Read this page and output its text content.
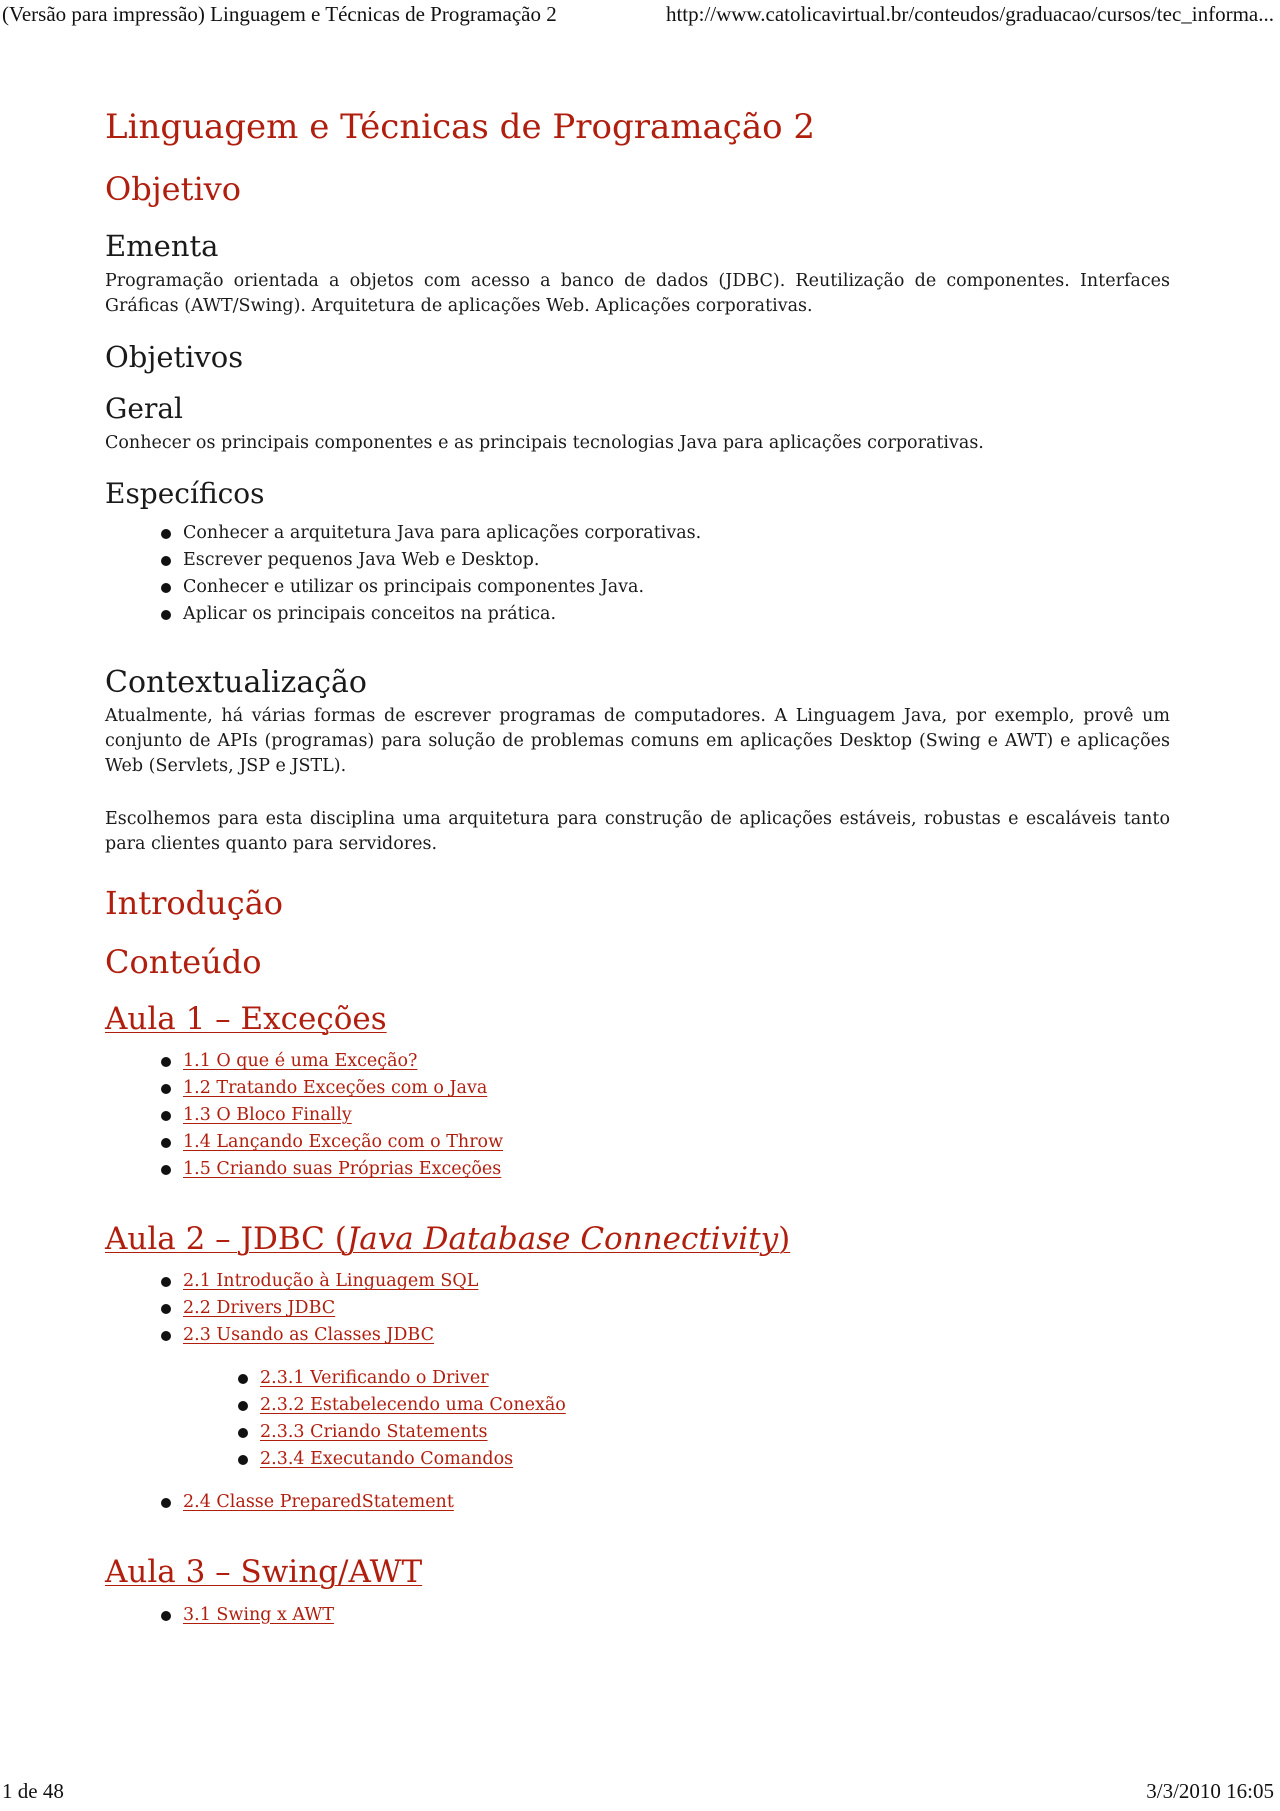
(Versão para impressão) Linguagem e Técnicas de Programação 2	http://www.catolicavirtual.br/conteudos/graduacao/cursos/tec_informa...
Linguagem e Técnicas de Programação 2
Objetivo
Ementa

Programação orientada a objetos com acesso a banco de dados (JDBC). Reutilização de componentes. Interfaces Gráficas (AWT/Swing). Arquitetura de aplicações Web. Aplicações corporativas.

Objetivos
Geral

Conhecer os principais componentes e as principais tecnologias Java para aplicações corporativas.

Específicos
Conhecer a arquitetura Java para aplicações corporativas.
Escrever pequenos Java Web e Desktop.
Conhecer e utilizar os principais componentes Java.
Aplicar os principais conceitos na prática.
Contextualização

Atualmente, há várias formas de escrever programas de computadores. A Linguagem Java, por exemplo, provê um conjunto de APIs (programas) para solução de problemas comuns em aplicações Desktop (Swing e AWT) e aplicações Web (Servlets, JSP e JSTL).

Escolhemos para esta disciplina uma arquitetura para construção de aplicações estáveis, robustas e escaláveis tanto para clientes quanto para servidores.

Introdução
Conteúdo
Aula 1 – Exceções
1.1 O que é uma Exceção?
1.2 Tratando Exceções com o Java
1.3 O Bloco Finally
1.4 Lançando Exceção com o Throw
1.5 Criando suas Próprias Exceções
Aula 2 – JDBC (Java Database Connectivity)
2.1 Introdução à Linguagem SQL
2.2 Drivers JDBC
2.3 Usando as Classes JDBC
2.3.1 Verificando o Driver
2.3.2 Estabelecendo uma Conexão
2.3.3 Criando Statements
2.3.4 Executando Comandos
2.4 Classe PreparedStatement
Aula 3 – Swing/AWT
3.1 Swing x AWT
1 de 48	3/3/2010 16:05
